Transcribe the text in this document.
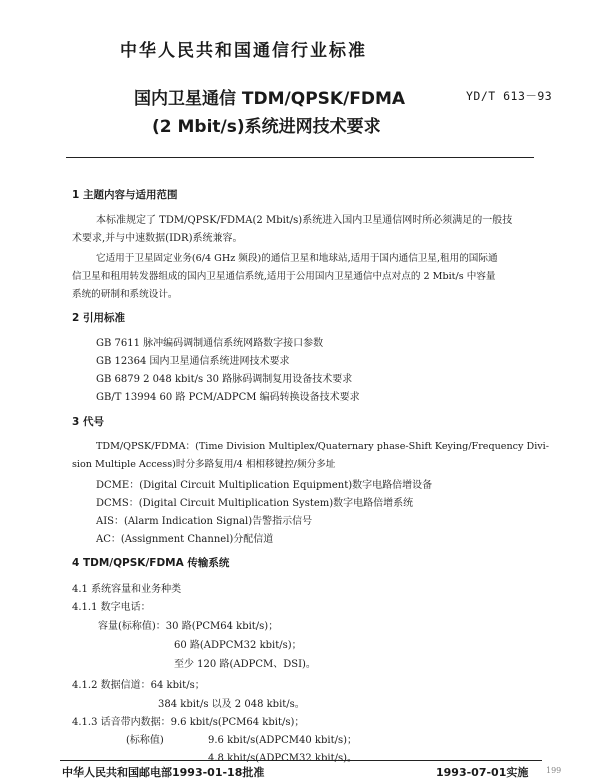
中华人民共和国通信行业标准
国内卫星通信 TDM/QPSK/FDMA
(2 Mbit/s)系统进网技术要求
YD/T 613－93
1 主题内容与适用范围
本标准规定了 TDM/QPSK/FDMA(2 Mbit/s)系统进入国内卫星通信网时所必须满足的一般技
术要求,并与中速数据(IDR)系统兼容。
它适用于卫星固定业务(6/4 GHz 频段)的通信卫星和地球站,适用于国内通信卫星,租用的国际通
信卫星和租用转发器组成的国内卫星通信系统,适用于公用国内卫星通信中点对点的 2 Mbit/s 中容量
系统的研制和系统设计。
2 引用标准
GB 7611 脉冲编码调制通信系统网路数字接口参数
GB 12364 国内卫星通信系统进网技术要求
GB 6879 2 048 kbit/s 30 路脉码调制复用设备技术要求
GB/T 13994 60 路 PCM/ADPCM 编码转换设备技术要求
3 代号
TDM/QPSK/FDMA：(Time Division Multiplex/Quaternary phase-Shift Keying/Frequency Divi-
sion Multiple Access)时分多路复用/4 相相移键控/频分多址
DCME：(Digital Circuit Multiplication Equipment)数字电路倍增设备
DCMS：(Digital Circuit Multiplication System)数字电路倍增系统
AIS：(Alarm Indication Signal)告警指示信号
AC：(Assignment Channel)分配信道
4 TDM/QPSK/FDMA 传输系统
4.1 系统容量和业务种类
4.1.1 数字电话：
容量(标称值)：30 路(PCM64 kbit/s)；
60 路(ADPCM32 kbit/s)；
至少 120 路(ADPCM、DSI)。
4.1.2 数据信道：64 kbit/s；
384 kbit/s 以及 2 048 kbit/s。
4.1.3 话音带内数据：9.6 kbit/s(PCM64 kbit/s)；
(标称值)	9.6 kbit/s(ADPCM40 kbit/s)；
4.8 kbit/s(ADPCM32 kbit/s)。
中华人民共和国邮电部1993-01-18批准	1993-07-01实施 199
